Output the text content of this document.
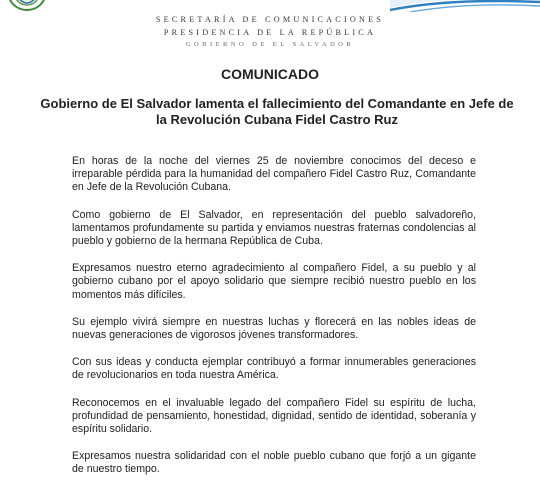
SECRETARÍA DE COMUNICACIONES
PRESIDENCIA DE LA REPÚBLICA
GOBIERNO DE EL SALVADOR
COMUNICADO
Gobierno de El Salvador lamenta el fallecimiento del Comandante en Jefe de la Revolución Cubana Fidel Castro Ruz

En horas de la noche del viernes 25 de noviembre conocimos del deceso e irreparable pérdida para la humanidad del compañero Fidel Castro Ruz, Comandante en Jefe de la Revolución Cubana.

Como gobierno de El Salvador, en representación del pueblo salvadoreño, lamentamos profundamente su partida y enviamos nuestras fraternas condolencias al pueblo y gobierno de la hermana República de Cuba.

Expresamos nuestro eterno agradecimiento al compañero Fidel, a su pueblo y al gobierno cubano por el apoyo solidario que siempre recibió nuestro pueblo en los momentos más difíciles.

Su ejemplo vivirá siempre en nuestras luchas y florecerá en las nobles ideas de nuevas generaciones de vigorosos jóvenes transformadores.

Con sus ideas y conducta ejemplar contribuyó a formar innumerables generaciones de revolucionarios en toda nuestra América.

Reconocemos en el invaluable legado del compañero Fidel su espíritu de lucha, profundidad de pensamiento, honestidad, dignidad, sentido de identidad, soberanía y espíritu solidario.

Expresamos nuestra solidaridad con el noble pueblo cubano que forjó a un gigante de nuestro tiempo.
